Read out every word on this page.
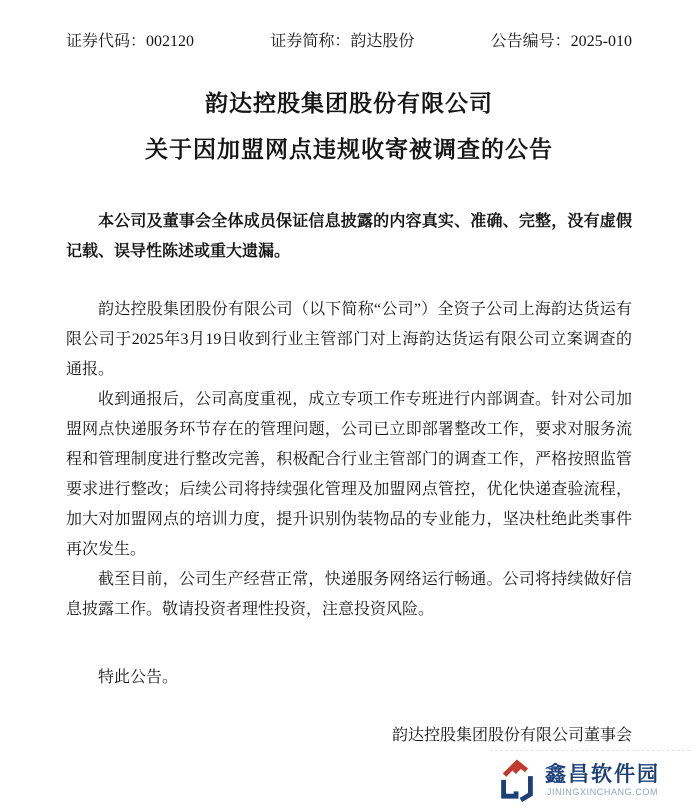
证券代码：002120	证券简称：韵达股份	公告编号：2025-010
韵达控股集团股份有限公司
关于因加盟网点违规收寄被调查的公告

本公司及董事会全体成员保证信息披露的内容真实、准确、完整，没有虚假记载、误导性陈述或重大遗漏。

韵达控股集团股份有限公司（以下简称“公司”）全资子公司上海韵达货运有限公司于2025年3月19日收到行业主管部门对上海韵达货运有限公司立案调查的通报。

收到通报后，公司高度重视，成立专项工作专班进行内部调查。针对公司加盟网点快递服务环节存在的管理问题，公司已立即部署整改工作，要求对服务流程和管理制度进行整改完善，积极配合行业主管部门的调查工作，严格按照监管要求进行整改；后续公司将持续强化管理及加盟网点管控，优化快递查验流程，加大对加盟网点的培训力度，提升识别伪装物品的专业能力，坚决杜绝此类事件再次发生。

截至目前，公司生产经营正常，快递服务网络运行畅通。公司将持续做好信息披露工作。敬请投资者理性投资，注意投资风险。

特此公告。

韵达控股集团股份有限公司董事会

鑫昌软件园
JININGXINCHANG.COM
